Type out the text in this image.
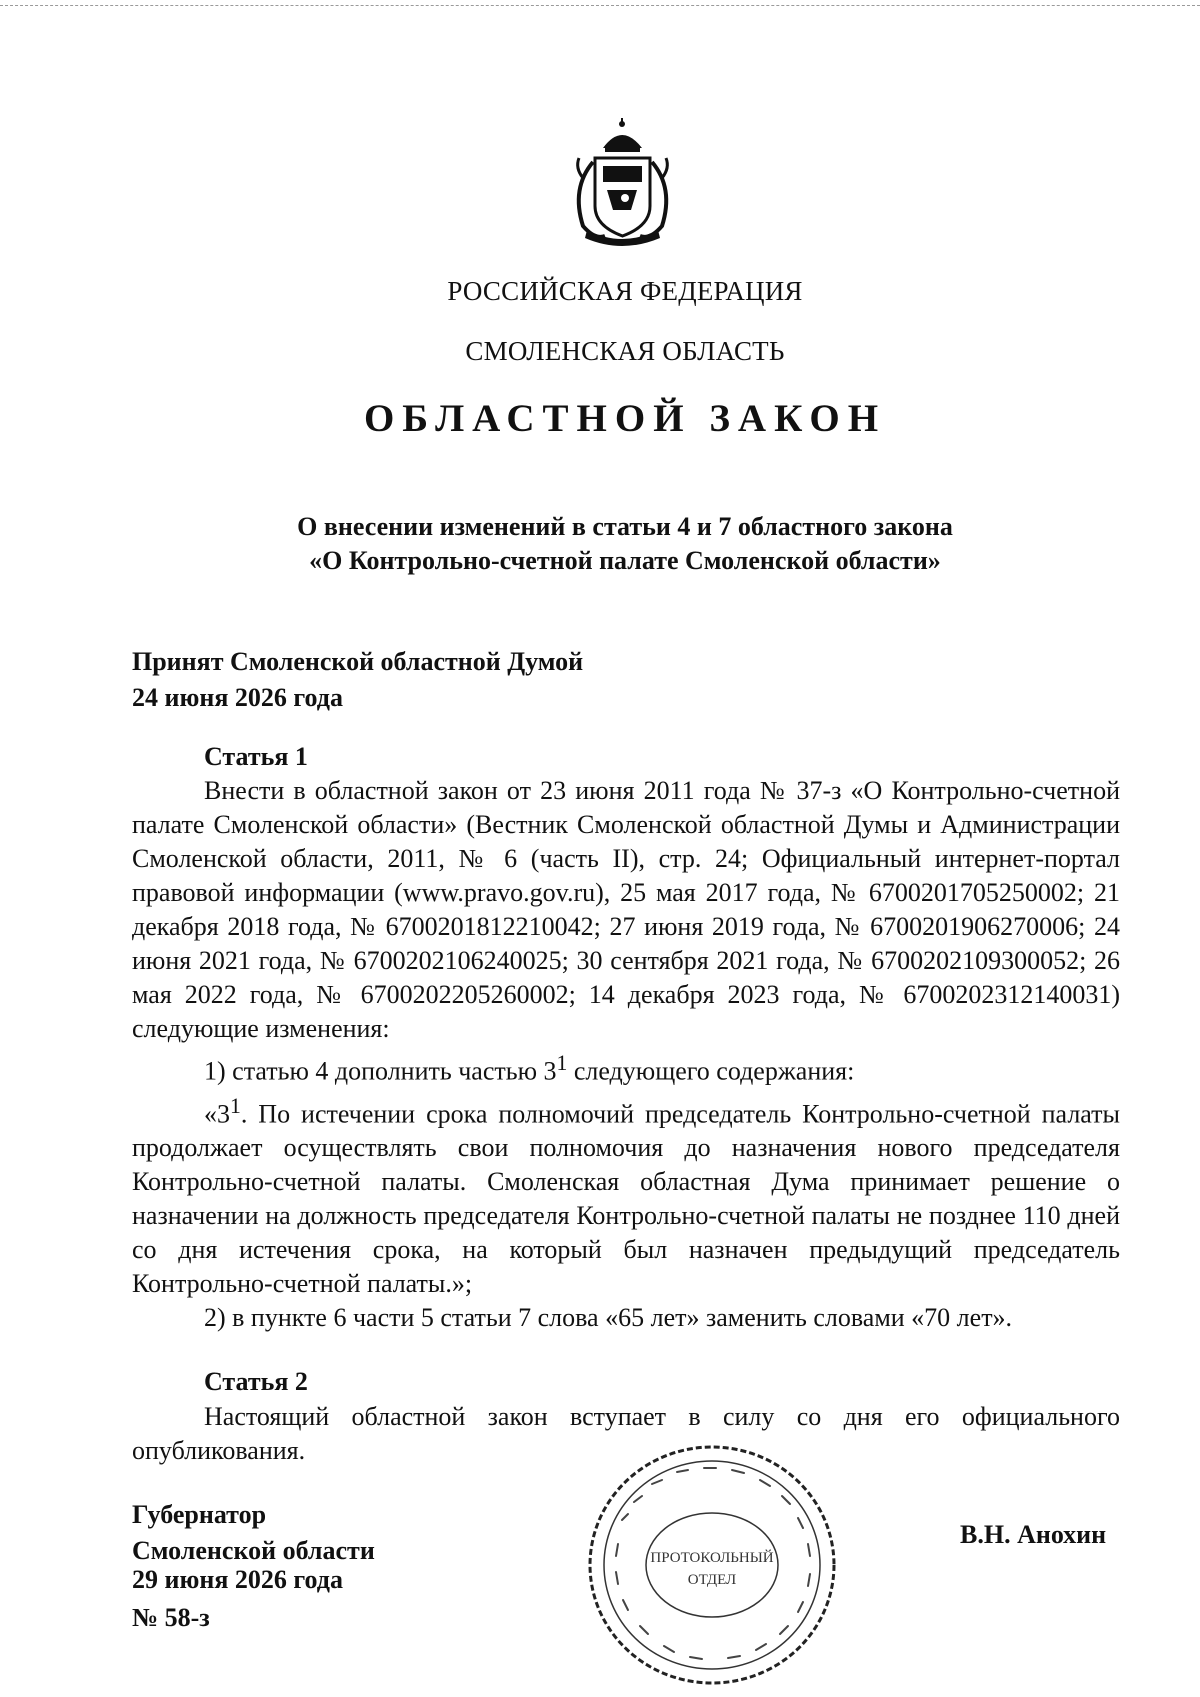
РОССИЙСКАЯ ФЕДЕРАЦИЯ
СМОЛЕНСКАЯ ОБЛАСТЬ
ОБЛАСТНОЙ ЗАКОН
О внесении изменений в статьи 4 и 7 областного закона
«О Контрольно-счетной палате Смоленской области»
Принят Смоленской областной Думой
24 июня 2026 года
Статья 1

Внести в областной закон от 23 июня 2011 года № 37-з «О Контрольно-счетной палате Смоленской области» (Вестник Смоленской областной Думы и Администрации Смоленской области, 2011, № 6 (часть II), стр. 24; Официальный интернет-портал правовой информации (www.pravo.gov.ru), 25 мая 2017 года, № 6700201705250002; 21 декабря 2018 года, № 6700201812210042; 27 июня 2019 года, № 6700201906270006; 24 июня 2021 года, № 6700202106240025; 30 сентября 2021 года, № 6700202109300052; 26 мая 2022 года, № 6700202205260002; 14 декабря 2023 года, № 6700202312140031) следующие изменения:

1) статью 4 дополнить частью $3^1$ следующего содержания:

«$3^1$. По истечении срока полномочий председатель Контрольно-счетной палаты продолжает осуществлять свои полномочия до назначения нового председателя Контрольно-счетной палаты. Смоленская областная Дума принимает решение о назначении на должность председателя Контрольно-счетной палаты не позднее 110 дней со дня истечения срока, на который был назначен предыдущий председатель Контрольно-счетной палаты.»;

2) в пункте 6 части 5 статьи 7 слова «65 лет» заменить словами «70 лет».

Статья 2

Настоящий областной закон вступает в силу со дня его официального опубликования.

Губернатор
Смоленской области	ПРОТОКОЛЬНЫЙ
ОТДЕЛ
В.Н. Анохин
29 июня 2026 года
№ 58-з
